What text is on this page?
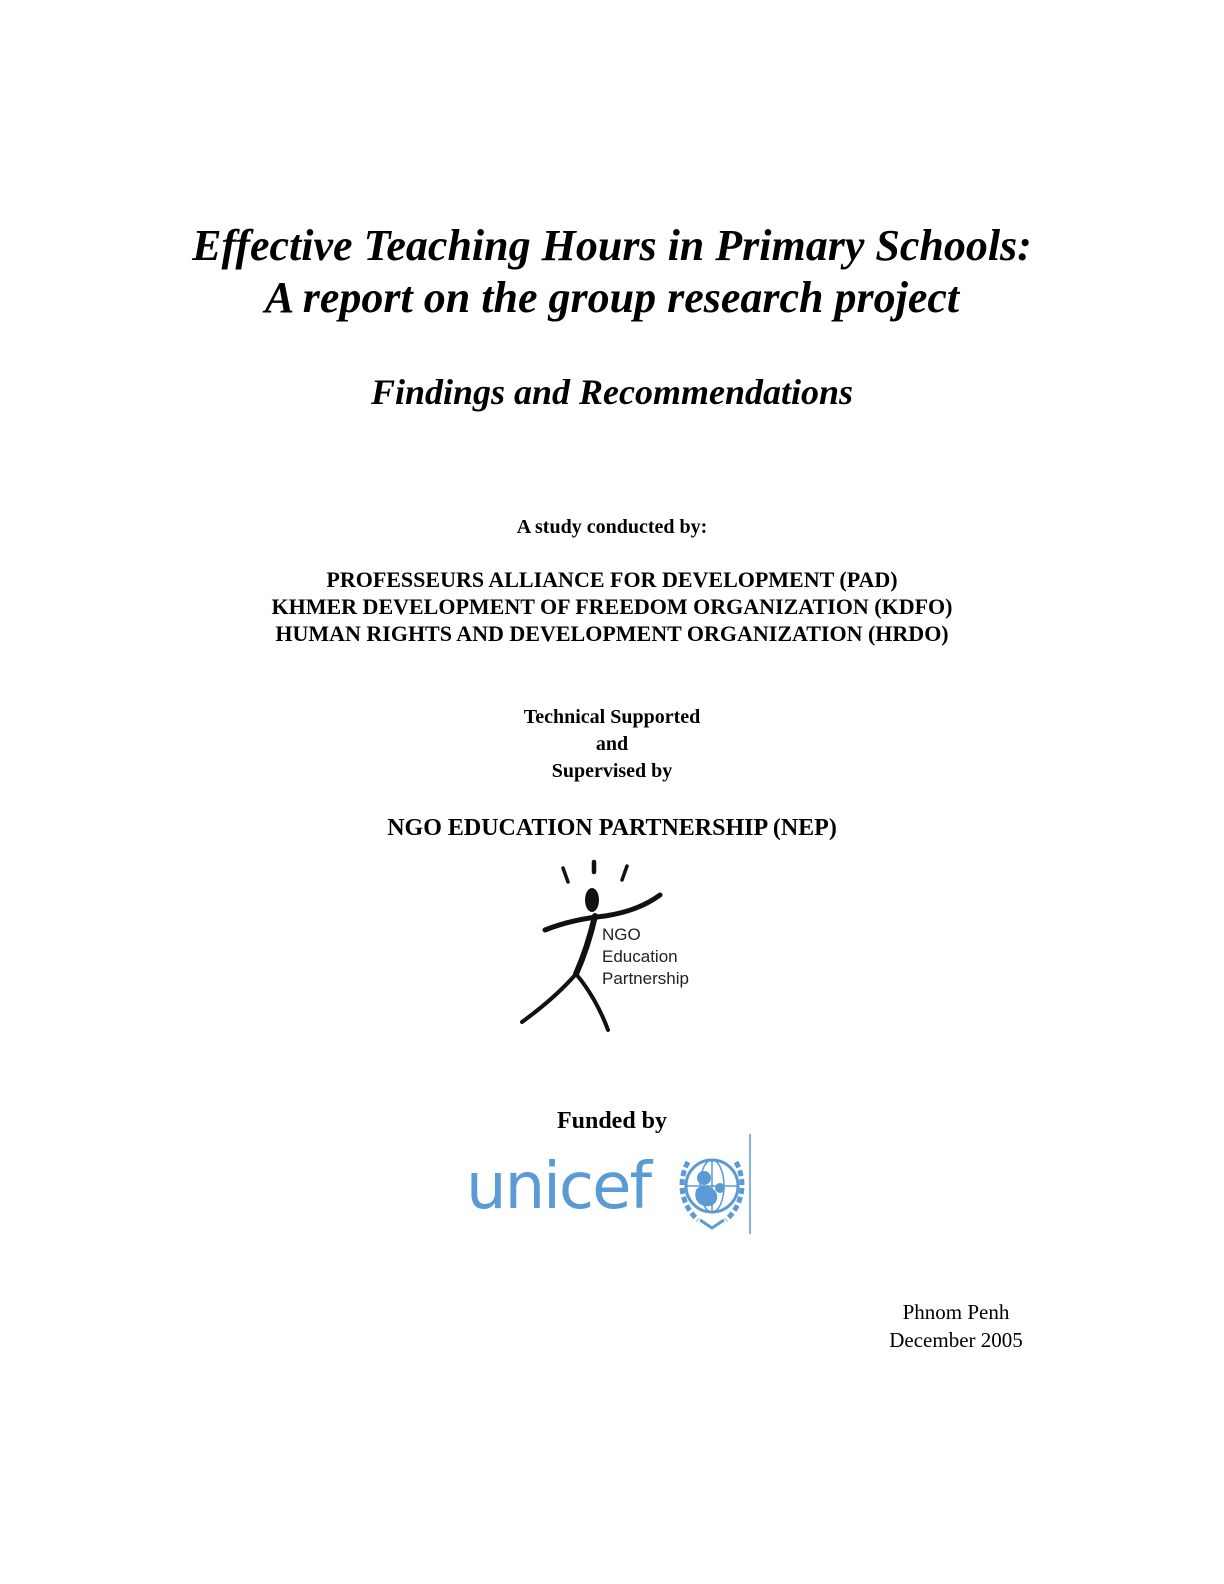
Effective Teaching Hours in Primary Schools:
A report on the group research project
Findings and Recommendations
A study conducted by:
PROFESSEURS ALLIANCE FOR DEVELOPMENT (PAD)
KHMER DEVELOPMENT OF FREEDOM ORGANIZATION (KDFO)
HUMAN RIGHTS AND DEVELOPMENT ORGANIZATION (HRDO)
Technical Supported
and
Supervised by
NGO EDUCATION PARTNERSHIP (NEP)
NGO
Education
Partnership
Funded by
unicef
Phnom Penh
December 2005
